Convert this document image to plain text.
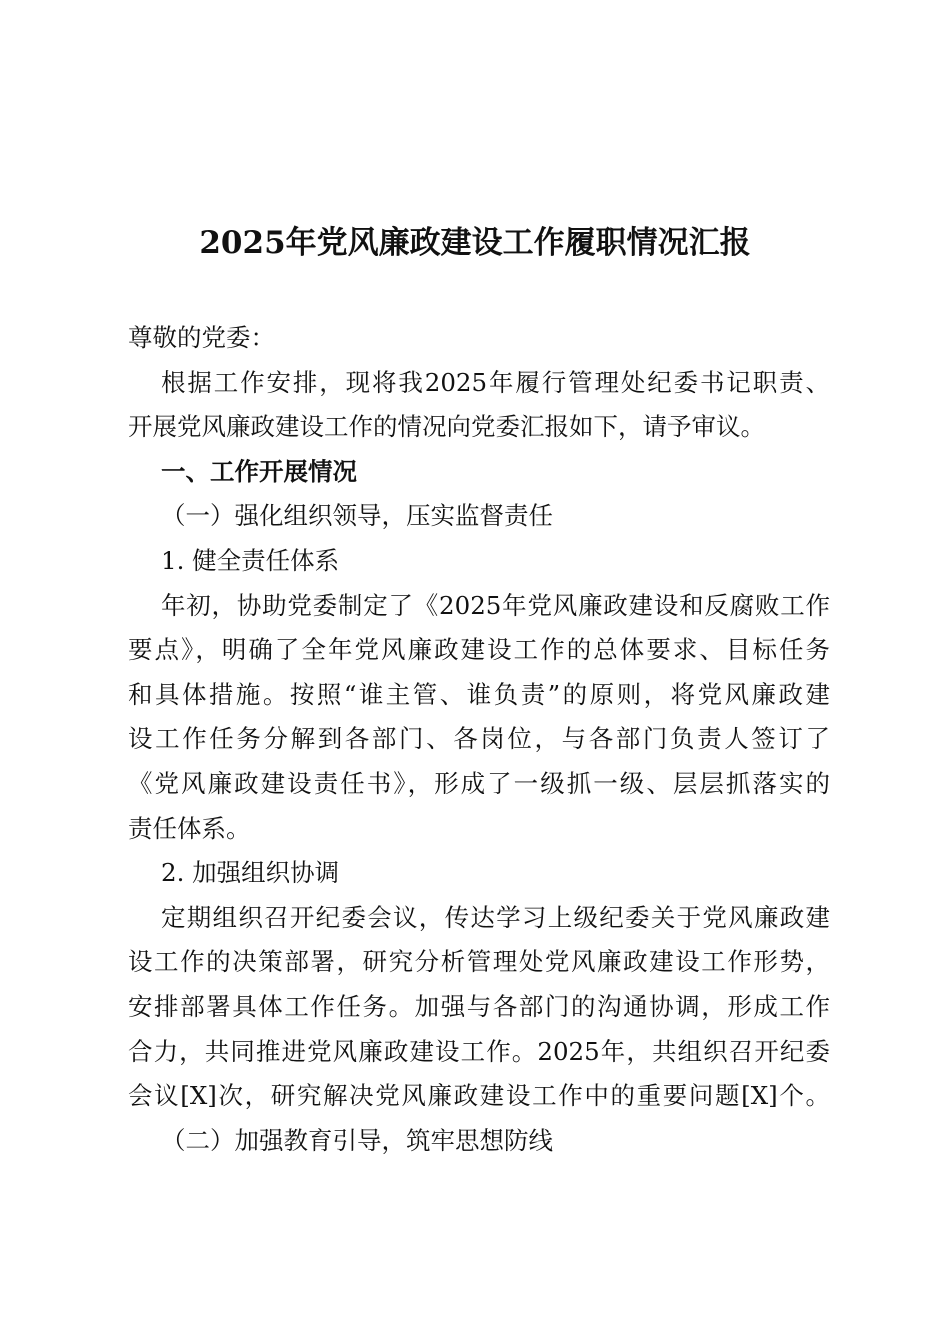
2025年党风廉政建设工作履职情况汇报
尊敬的党委：
根据工作安排，现将我2025年履行管理处纪委书记职责、
开展党风廉政建设工作的情况向党委汇报如下，请予审议。
一、工作开展情况
（一）强化组织领导，压实监督责任
1. 健全责任体系
年初，协助党委制定了《2025年党风廉政建设和反腐败工作
要点》，明确了全年党风廉政建设工作的总体要求、目标任务
和具体措施。按照“谁主管、谁负责”的原则，将党风廉政建
设工作任务分解到各部门、各岗位，与各部门负责人签订了
《党风廉政建设责任书》，形成了一级抓一级、层层抓落实的
责任体系。
2. 加强组织协调
定期组织召开纪委会议，传达学习上级纪委关于党风廉政建
设工作的决策部署，研究分析管理处党风廉政建设工作形势，
安排部署具体工作任务。加强与各部门的沟通协调，形成工作
合力，共同推进党风廉政建设工作。2025年，共组织召开纪委
会议[X]次，研究解决党风廉政建设工作中的重要问题[X]个。
（二）加强教育引导，筑牢思想防线
